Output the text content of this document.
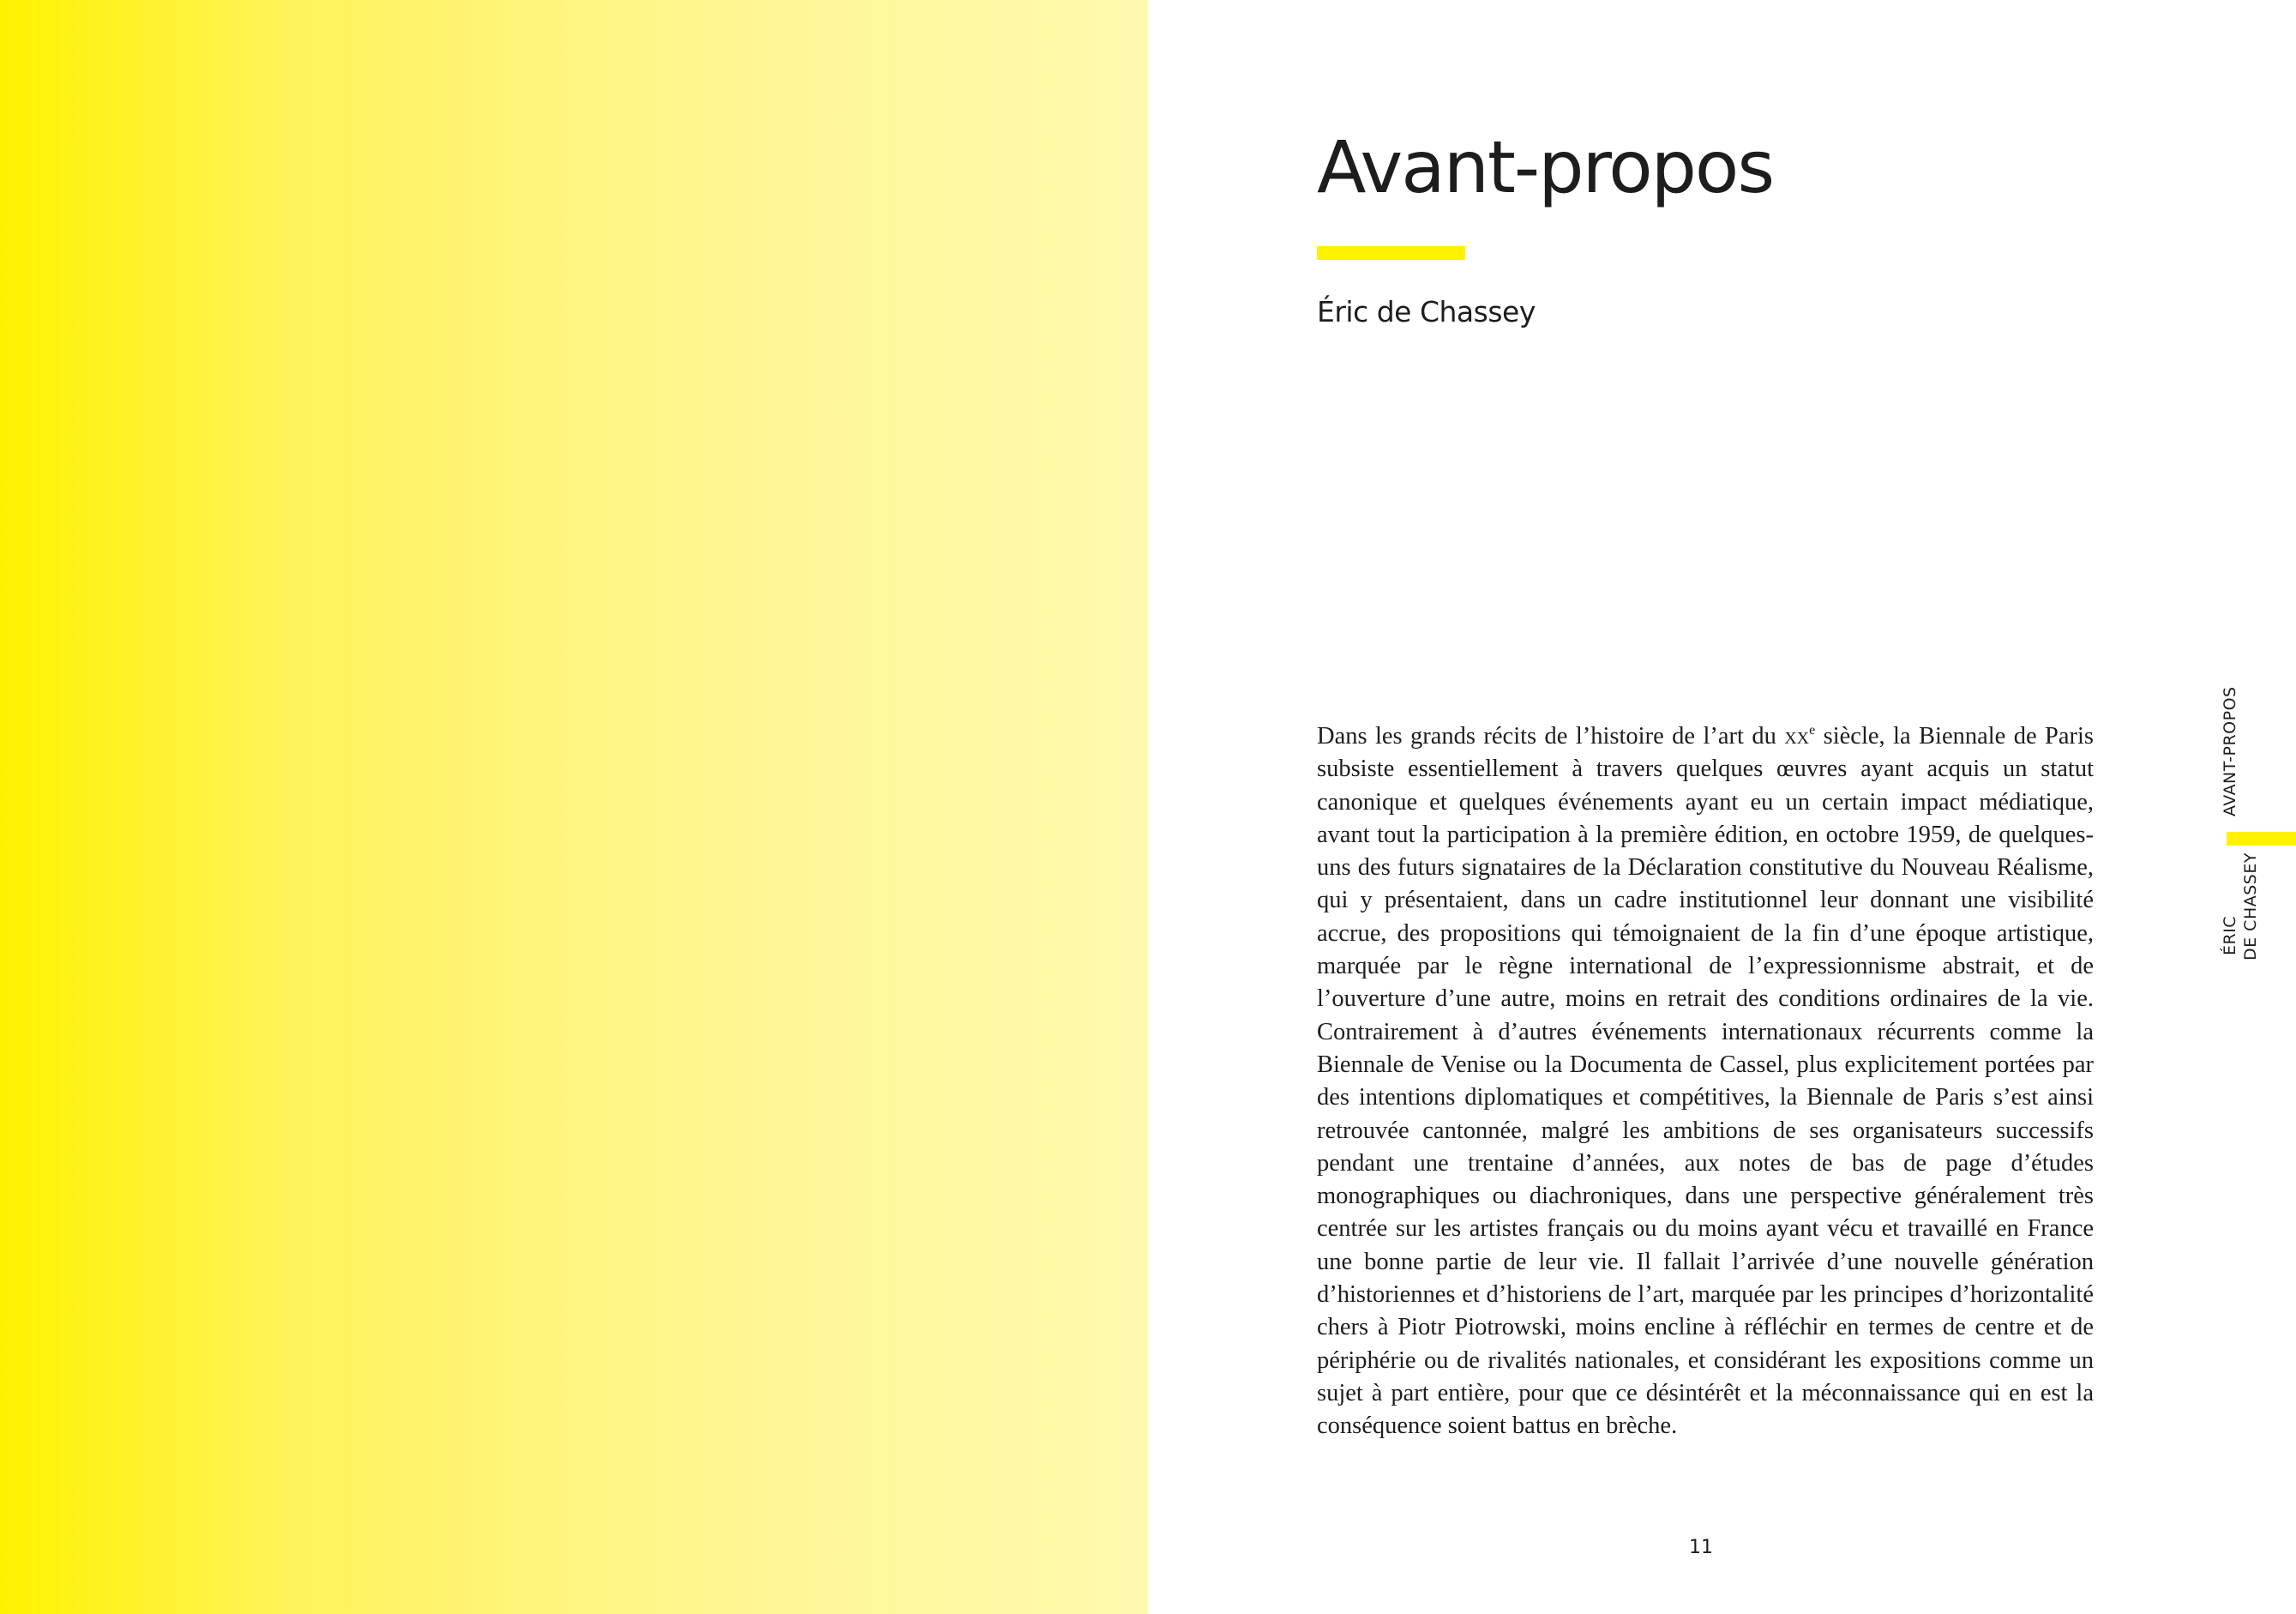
Avant-propos
Éric de Chassey

Dans les grands récits de l’histoire de l’art du $xx^e$ siècle, la Biennale de Paris subsiste essentiellement à travers quelques œuvres ayant acquis un statut canonique et quelques événements ayant eu un certain impact médiatique, avant tout la participation à la première édition, en octobre 1959, de quelques-uns des futurs signataires de la Déclaration constitutive du Nouveau Réalisme, qui y présentaient, dans un cadre institutionnel leur donnant une visibilité accrue, des propositions qui témoignaient de la fin d’une époque artistique, marquée par le règne international de l’expressionnisme abstrait, et de l’ouverture d’une autre, moins en retrait des conditions ordinaires de la vie. Contrairement à d’autres événements internationaux récurrents comme la Biennale de Venise ou la Documenta de Cassel, plus explicitement portées par des intentions diplomatiques et compétitives, la Biennale de Paris s’est ainsi retrouvée cantonnée, malgré les ambitions de ses organisateurs successifs pendant une trentaine d’années, aux notes de bas de page d’études monographiques ou diachroniques, dans une perspective généralement très centrée sur les artistes français ou du moins ayant vécu et travaillé en France une bonne partie de leur vie. Il fallait l’arrivée d’une nouvelle génération d’historiennes et d’historiens de l’art, marquée par les principes d’horizontalité chers à Piotr Piotrowski, moins encline à réfléchir en termes de centre et de périphérie ou de rivalités nationales, et considérant les expositions comme un sujet à part entière, pour que ce désintérêt et la méconnaissance qui en est la conséquence soient battus en brèche.

11
AVANT-PROPOS
ÉRIC DE CHASSEY
